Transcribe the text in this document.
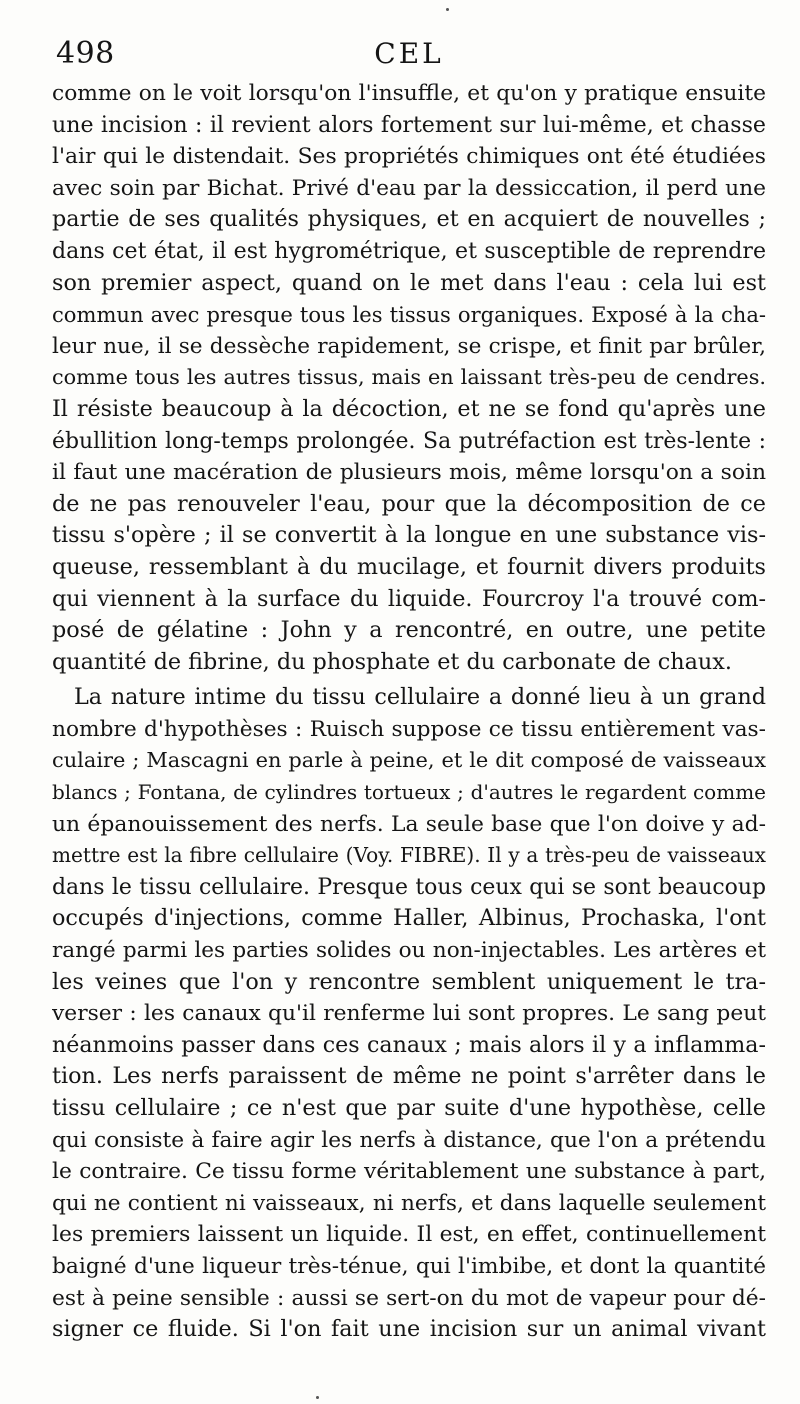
498	CEL
comme on le voit lorsqu'on l'insuffle, et qu'on y pratique ensuite
une incision : il revient alors fortement sur lui-même, et chasse
l'air qui le distendait. Ses propriétés chimiques ont été étudiées
avec soin par Bichat. Privé d'eau par la dessiccation, il perd une
partie de ses qualités physiques, et en acquiert de nouvelles ;
dans cet état, il est hygrométrique, et susceptible de reprendre
son premier aspect, quand on le met dans l'eau : cela lui est
commun avec presque tous les tissus organiques. Exposé à la cha-
leur nue, il se dessèche rapidement, se crispe, et finit par brûler,
comme tous les autres tissus, mais en laissant très-peu de cendres.
Il résiste beaucoup à la décoction, et ne se fond qu'après une
ébullition long-temps prolongée. Sa putréfaction est très-lente :
il faut une macération de plusieurs mois, même lorsqu'on a soin
de ne pas renouveler l'eau, pour que la décomposition de ce
tissu s'opère ; il se convertit à la longue en une substance vis-
queuse, ressemblant à du mucilage, et fournit divers produits
qui viennent à la surface du liquide. Fourcroy l'a trouvé com-
posé de gélatine : John y a rencontré, en outre, une petite
quantité de fibrine, du phosphate et du carbonate de chaux.
La nature intime du tissu cellulaire a donné lieu à un grand
nombre d'hypothèses : Ruisch suppose ce tissu entièrement vas-
culaire ; Mascagni en parle à peine, et le dit composé de vaisseaux
blancs ; Fontana, de cylindres tortueux ; d'autres le regardent comme
un épanouissement des nerfs. La seule base que l'on doive y ad-
mettre est la fibre cellulaire (Voy. FIBRE). Il y a très-peu de vaisseaux
dans le tissu cellulaire. Presque tous ceux qui se sont beaucoup
occupés d'injections, comme Haller, Albinus, Prochaska, l'ont
rangé parmi les parties solides ou non-injectables. Les artères et
les veines que l'on y rencontre semblent uniquement le tra-
verser : les canaux qu'il renferme lui sont propres. Le sang peut
néanmoins passer dans ces canaux ; mais alors il y a inflamma-
tion. Les nerfs paraissent de même ne point s'arrêter dans le
tissu cellulaire ; ce n'est que par suite d'une hypothèse, celle
qui consiste à faire agir les nerfs à distance, que l'on a prétendu
le contraire. Ce tissu forme véritablement une substance à part,
qui ne contient ni vaisseaux, ni nerfs, et dans laquelle seulement
les premiers laissent un liquide. Il est, en effet, continuellement
baigné d'une liqueur très-ténue, qui l'imbibe, et dont la quantité
est à peine sensible : aussi se sert-on du mot de vapeur pour dé-
signer ce fluide. Si l'on fait une incision sur un animal vivant
